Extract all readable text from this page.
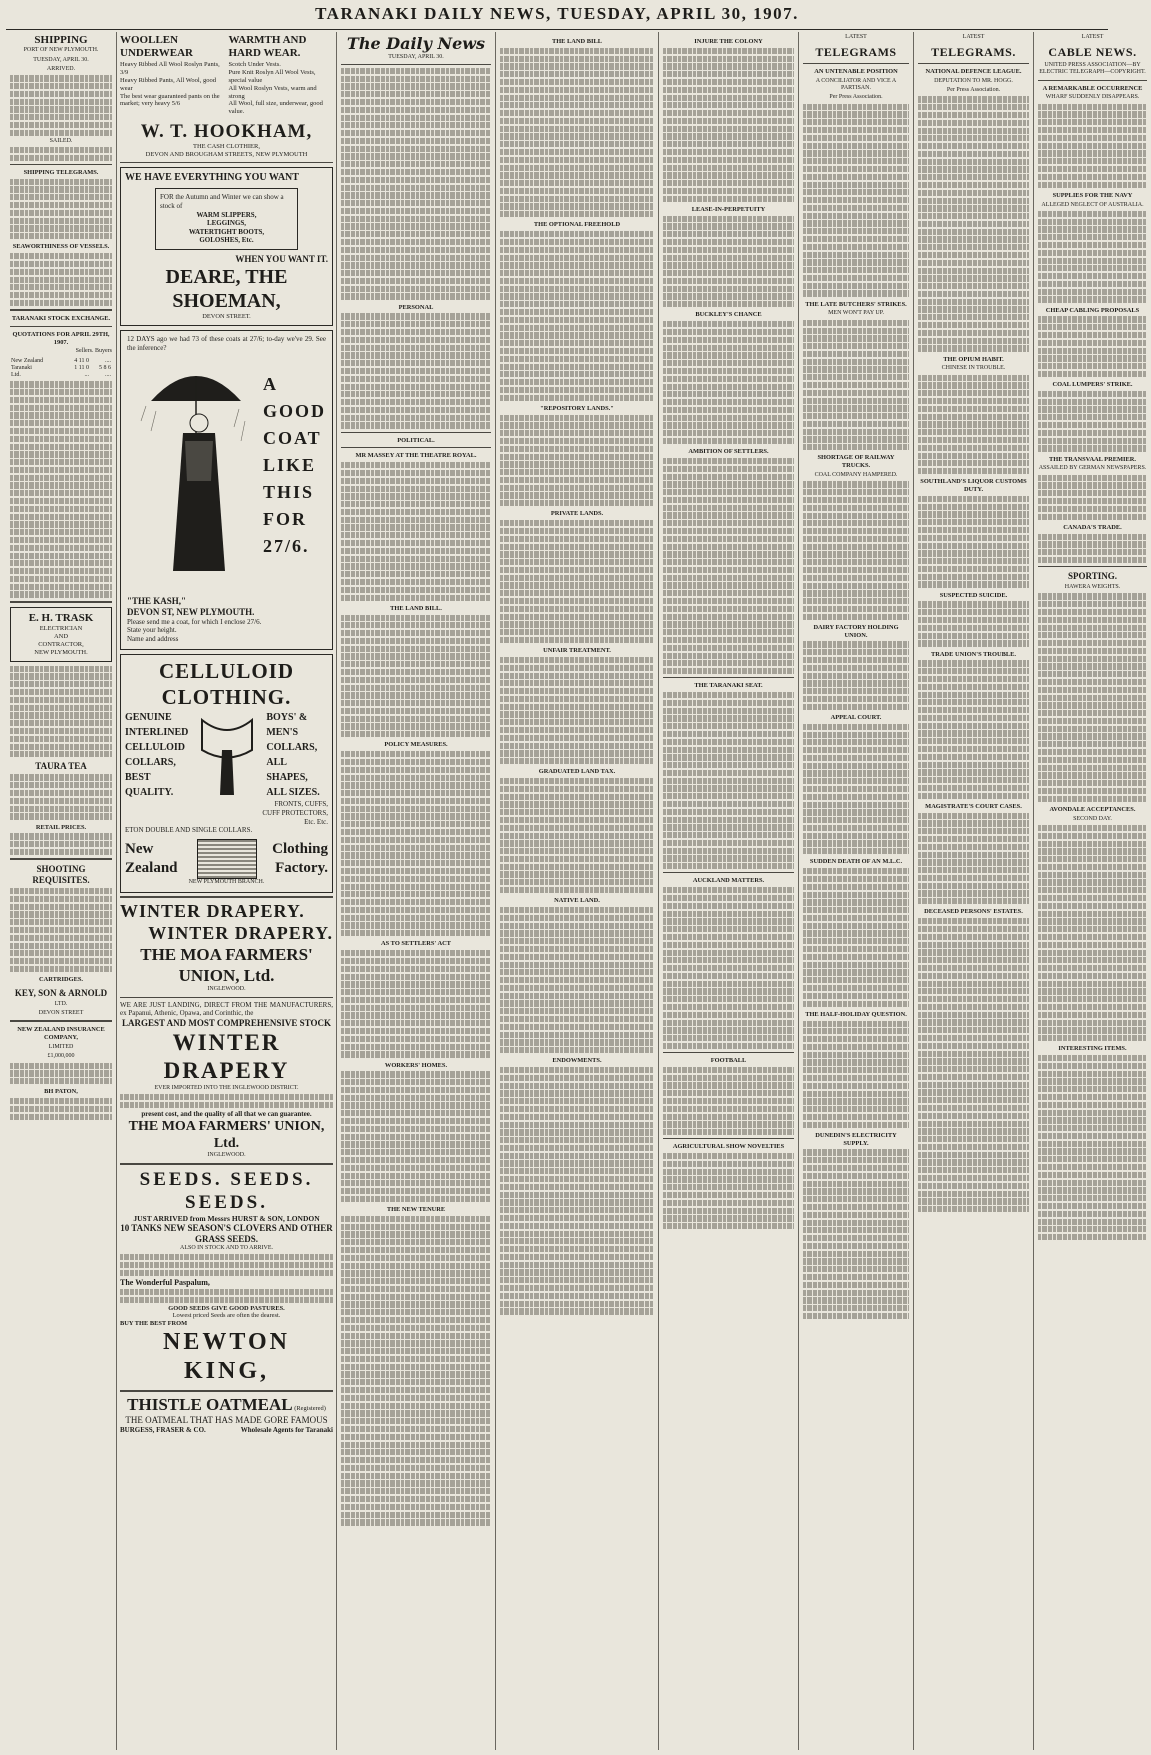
TARANAKI DAILY NEWS, TUESDAY, APRIL 30, 1907.
SHIPPING
PORT OF NEW PLYMOUTH.
TUESDAY, APRIL 30.
ARRIVED.
SAILED.
SHIPPING TELEGRAMS.
SEAWORTHINESS OF VESSELS.
TARANAKI STOCK EXCHANGE.
QUOTATIONS FOR APRIL 29TH, 1907.
Sellers. Buyers
New Zealand	4 11 0	....
Taranaki	1 11 0	5 8 6
Ltd.	...	....
E. H. TRASK
ELECTRICIAN
AND
CONTRACTOR,
NEW PLYMOUTH.
TAURA TEA
RETAIL PRICES.
SHOOTING REQUISITES.
CARTRIDGES.
KEY, SON & ARNOLD
LTD.
DEVON STREET
NEW ZEALAND INSURANCE COMPANY,
LIMITED
£1,000,000
BH PATON,
WOOLLEN UNDERWEAR
Heavy Ribbed All Wool Roslyn Pants, 3/9
Heavy Ribbed Pants, All Wool, good wear
The best wear guaranteed pants on the market; very heavy 5/6
WARMTH AND HARD WEAR.
Scotch Under Vests.
Pure Knit Roslyn All Wool Vests, special value
All Wool Roslyn Vests, warm and strong
All Wool, full size, underwear, good value.
W. T. HOOKHAM,
THE CASH CLOTHIER,
DEVON AND BROUGHAM STREETS, NEW PLYMOUTH
WE HAVE EVERYTHING YOU WANT
FOR the Autumn and Winter we can show a stock of
WARM SLIPPERS,
LEGGINGS,
WATERTIGHT BOOTS,
GOLOSHES, Etc.
WHEN YOU WANT IT.
DEARE, THE SHOEMAN,
DEVON STREET.
12 DAYS ago we had 73 of these coats at 27/6; to-day we've 29. See the inference?
A
GOOD
COAT
LIKE
THIS
FOR
27/6.
"THE KASH,"
DEVON ST, NEW PLYMOUTH.
Please send me a coat, for which I enclose 27/6.
State your height.
Name and address
CELLULOID CLOTHING.
GENUINE
INTERLINED
CELLULOID
COLLARS,
BEST
QUALITY.
BOYS' &
MEN'S
COLLARS,
ALL SHAPES,
ALL SIZES.
FRONTS, CUFFS,
CUFF PROTECTORS,
Etc. Etc.
ETON DOUBLE AND SINGLE COLLARS.
New Zealand
Clothing Factory.
NEW PLYMOUTH BRANCH.
WINTER DRAPERY.
WINTER DRAPERY.
THE MOA FARMERS' UNION, Ltd.
INGLEWOOD.
WE ARE JUST LANDING, DIRECT FROM THE MANUFACTURERS, ex Papanui, Athenic, Opawa, and Corinthic, the
LARGEST AND MOST COMPREHENSIVE STOCK
WINTER DRAPERY
EVER IMPORTED INTO THE INGLEWOOD DISTRICT.
present cost, and the quality of all that we can guarantee.
THE MOA FARMERS' UNION, Ltd.
INGLEWOOD.
SEEDS. SEEDS. SEEDS.
JUST ARRIVED from Messrs HURST & SON, LONDON
10 TANKS NEW SEASON'S CLOVERS AND OTHER GRASS SEEDS.
ALSO IN STOCK AND TO ARRIVE.
The Wonderful Paspalum,
GOOD SEEDS GIVE GOOD PASTURES.
Lowest priced Seeds are often the dearest.
BUY THE BEST FROM
NEWTON KING,
THISTLE OATMEAL (Registered)
THE OATMEAL THAT HAS MADE GORE FAMOUS
BURGESS, FRASER & CO.	Wholesale Agents for Taranaki
The Daily News
TUESDAY, APRIL 30.
PERSONAL
POLITICAL.
MR MASSEY AT THE THEATRE ROYAL.
THE LAND BILL.
POLICY MEASURES.
AS TO SETTLERS' ACT
WORKERS' HOMES.
THE NEW TENURE
THE LAND BILL
THE OPTIONAL FREEHOLD
"REPOSITORY LANDS."
PRIVATE LANDS.
UNFAIR TREATMENT.
GRADUATED LAND TAX.
NATIVE LAND.
ENDOWMENTS.
INJURE THE COLONY
LEASE-IN-PERPETUITY
BUCKLEY'S CHANCE
AMBITION OF SETTLERS.
THE TARANAKI SEAT.
AUCKLAND MATTERS.
FOOTBALL
AGRICULTURAL SHOW NOVELTIES
LATEST
TELEGRAMS
AN UNTENABLE POSITION
A CONCILIATOR AND VICE A PARTISAN.
Per Press Association.
THE LATE BUTCHERS' STRIKES.
MEN WON'T PAY UP.
SHORTAGE OF RAILWAY TRUCKS.
COAL COMPANY HAMPERED.
DAIRY FACTORY HOLDING UNION.
APPEAL COURT.
SUDDEN DEATH OF AN M.L.C.
THE HALF-HOLIDAY QUESTION.
DUNEDIN'S ELECTRICITY SUPPLY.
LATEST
TELEGRAMS.
NATIONAL DEFENCE LEAGUE.
DEPUTATION TO MR. HOGG.
Per Press Association.
THE OPIUM HABIT.
CHINESE IN TROUBLE.
SOUTHLAND'S LIQUOR CUSTOMS DUTY.
SUSPECTED SUICIDE.
TRADE UNION'S TROUBLE.
MAGISTRATE'S COURT CASES.
DECEASED PERSONS' ESTATES.
LATEST
CABLE NEWS.
UNITED PRESS ASSOCIATION—BY ELECTRIC TELEGRAPH—COPYRIGHT.
A REMARKABLE OCCURRENCE
WHARF SUDDENLY DISAPPEARS.
SUPPLIES FOR THE NAVY
ALLEGED NEGLECT OF AUSTRALIA.
CHEAP CABLING PROPOSALS
COAL LUMPERS' STRIKE.
THE TRANSVAAL PREMIER.
ASSAILED BY GERMAN NEWSPAPERS.
CANADA'S TRADE.
SPORTING.
HAWERA WEIGHTS.
AVONDALE ACCEPTANCES.
SECOND DAY.
INTERESTING ITEMS.
